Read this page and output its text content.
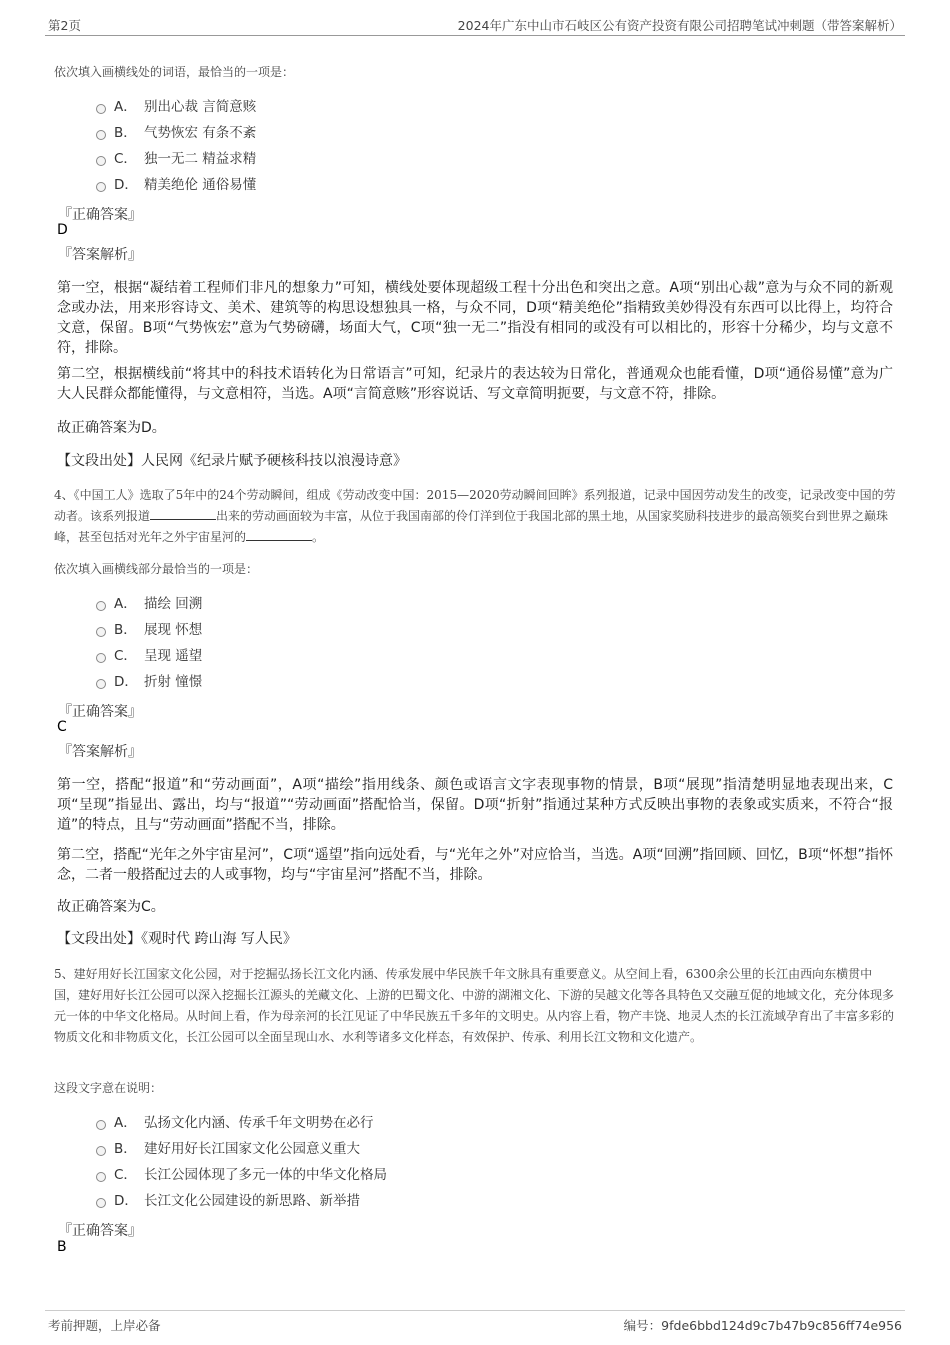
第2页	2024年广东中山市石岐区公有资产投资有限公司招聘笔试冲刺题（带答案解析）
依次填入画横线处的词语，最恰当的一项是：
A． 别出心裁 言简意赅
B． 气势恢宏 有条不紊
C． 独一无二 精益求精
D． 精美绝伦 通俗易懂
『正确答案』
D
『答案解析』
第一空，根据“凝结着工程师们非凡的想象力”可知，横线处要体现超级工程十分出色和突出之意。A项“别出心裁”意为与众不同的新观念或办法，用来形容诗文、美术、建筑等的构思设想独具一格，与众不同，D项“精美绝伦”指精致美妙得没有东西可以比得上，均符合文意，保留。B项“气势恢宏”意为气势磅礴，场面大气，C项“独一无二”指没有相同的或没有可以相比的，形容十分稀少，均与文意不符，排除。
第二空，根据横线前“将其中的科技术语转化为日常语言”可知，纪录片的表达较为日常化，普通观众也能看懂，D项“通俗易懂”意为广大人民群众都能懂得，与文意相符，当选。A项“言简意赅”形容说话、写文章简明扼要，与文意不符，排除。
故正确答案为D。
【文段出处】人民网《纪录片赋予硬核科技以浪漫诗意》
4、《中国工人》选取了5年中的24个劳动瞬间，组成《劳动改变中国：2015—2020劳动瞬间回眸》系列报道，记录中国因劳动发生的改变，记录改变中国的劳动者。该系列报道	出来的劳动画面较为丰富，从位于我国南部的伶仃洋到位于我国北部的黑土地，从国家奖励科技进步的最高领奖台到世界之巅珠峰，甚至包括对光年之外宇宙星河的	。
依次填入画横线部分最恰当的一项是：
A． 描绘 回溯
B． 展现 怀想
C． 呈现 遥望
D． 折射 憧憬
『正确答案』
C
『答案解析』
第一空，搭配“报道”和“劳动画面”，A项“描绘”指用线条、颜色或语言文字表现事物的情景，B项“展现”指清楚明显地表现出来，C项“呈现”指显出、露出，均与“报道”“劳动画面”搭配恰当，保留。D项“折射”指通过某种方式反映出事物的表象或实质来，不符合“报道”的特点，且与“劳动画面”搭配不当，排除。
第二空，搭配“光年之外宇宙星河”，C项“遥望”指向远处看，与“光年之外”对应恰当，当选。A项“回溯”指回顾、回忆，B项“怀想”指怀念，二者一般搭配过去的人或事物，均与“宇宙星河”搭配不当，排除。
故正确答案为C。
【文段出处】《观时代 跨山海 写人民》
5、建好用好长江国家文化公园，对于挖掘弘扬长江文化内涵、传承发展中华民族千年文脉具有重要意义。从空间上看，6300余公里的长江由西向东横贯中国，建好用好长江公园可以深入挖掘长江源头的羌藏文化、上游的巴蜀文化、中游的湖湘文化、下游的吴越文化等各具特色又交融互促的地域文化，充分体现多元一体的中华文化格局。从时间上看，作为母亲河的长江见证了中华民族五千多年的文明史。从内容上看，物产丰饶、地灵人杰的长江流域孕育出了丰富多彩的物质文化和非物质文化，长江公园可以全面呈现山水、水利等诸多文化样态，有效保护、传承、利用长江文物和文化遗产。
这段文字意在说明：
A． 弘扬文化内涵、传承千年文明势在必行
B． 建好用好长江国家文化公园意义重大
C． 长江公园体现了多元一体的中华文化格局
D． 长江文化公园建设的新思路、新举措
『正确答案』
B
考前押题，上岸必备	编号：9fde6bbd124d9c7b47b9c856ff74e956
